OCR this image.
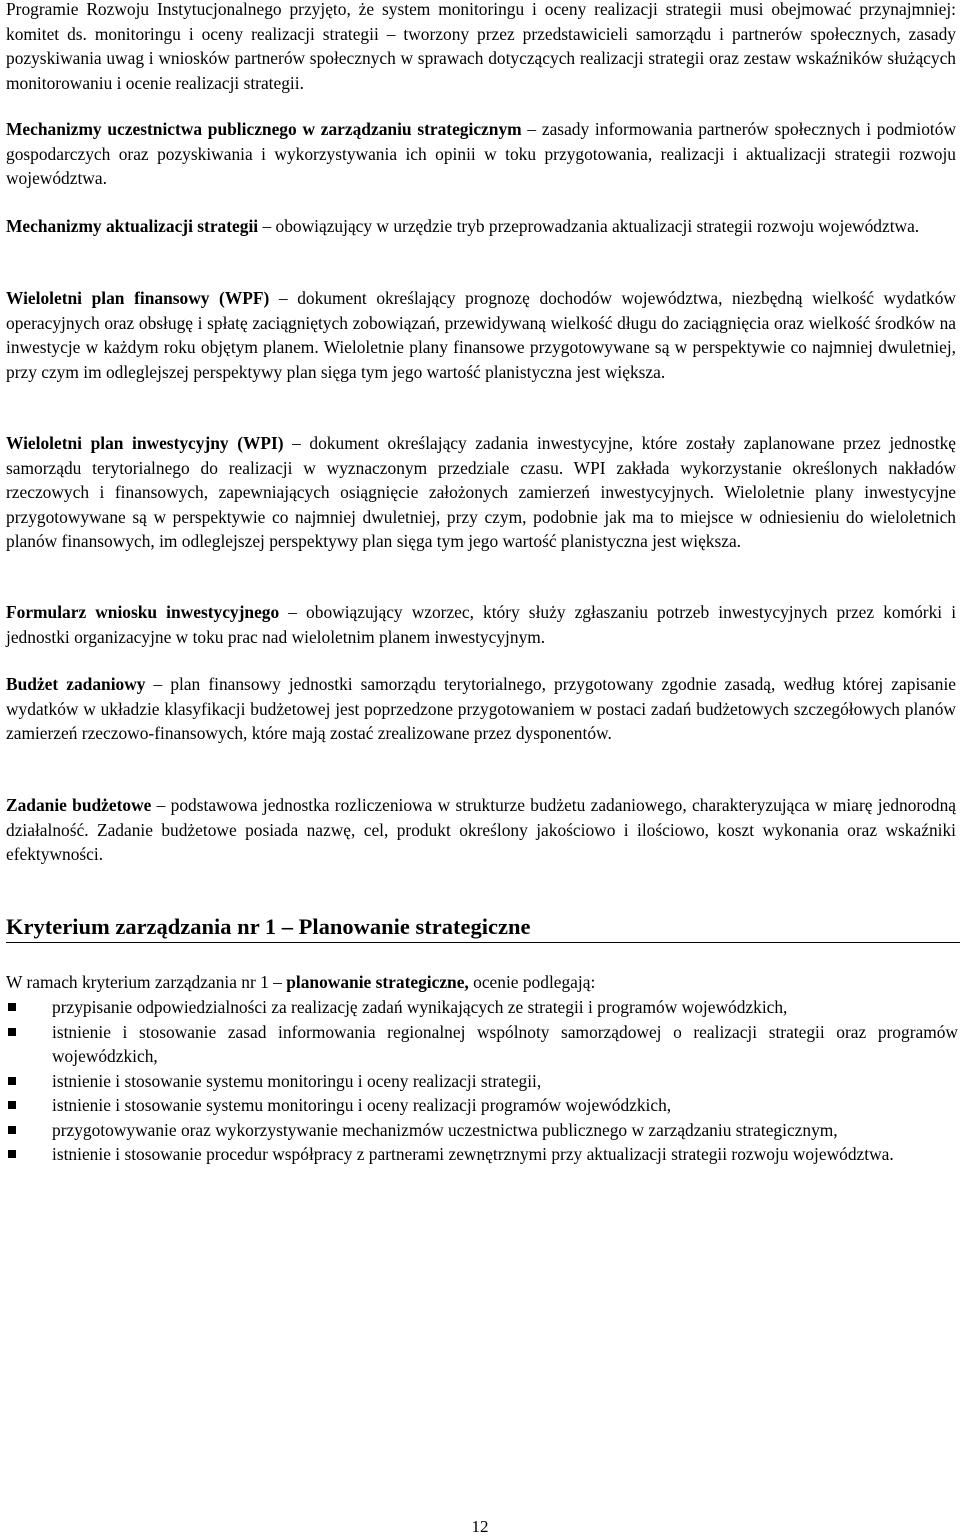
Programie Rozwoju Instytucjonalnego przyjęto, że system monitoringu i oceny realizacji strategii musi obejmować przynajmniej: komitet ds. monitoringu i oceny realizacji strategii – tworzony przez przedstawicieli samorządu i partnerów społecznych, zasady pozyskiwania uwag i wniosków partnerów społecznych w sprawach dotyczących realizacji strategii oraz zestaw wskaźników służących monitorowaniu i ocenie realizacji strategii.

Mechanizmy uczestnictwa publicznego w zarządzaniu strategicznym – zasady informowania partnerów społecznych i podmiotów gospodarczych oraz pozyskiwania i wykorzystywania ich opinii w toku przygotowania, realizacji i aktualizacji strategii rozwoju województwa.

Mechanizmy aktualizacji strategii – obowiązujący w urzędzie tryb przeprowadzania aktualizacji strategii rozwoju województwa.

Wieloletni plan finansowy (WPF) – dokument określający prognozę dochodów województwa, niezbędną wielkość wydatków operacyjnych oraz obsługę i spłatę zaciągniętych zobowiązań, przewidywaną wielkość długu do zaciągnięcia oraz wielkość środków na inwestycje w każdym roku objętym planem. Wieloletnie plany finansowe przygotowywane są w perspektywie co najmniej dwuletniej, przy czym im odleglejszej perspektywy plan sięga tym jego wartość planistyczna jest większa.

Wieloletni plan inwestycyjny (WPI) – dokument określający zadania inwestycyjne, które zostały zaplanowane przez jednostkę samorządu terytorialnego do realizacji w wyznaczonym przedziale czasu. WPI zakłada wykorzystanie określonych nakładów rzeczowych i finansowych, zapewniających osiągnięcie założonych zamierzeń inwestycyjnych. Wieloletnie plany inwestycyjne przygotowywane są w perspektywie co najmniej dwuletniej, przy czym, podobnie jak ma to miejsce w odniesieniu do wieloletnich planów finansowych, im odleglejszej perspektywy plan sięga tym jego wartość planistyczna jest większa.

Formularz wniosku inwestycyjnego – obowiązujący wzorzec, który służy zgłaszaniu potrzeb inwestycyjnych przez komórki i jednostki organizacyjne w toku prac nad wieloletnim planem inwestycyjnym.

Budżet zadaniowy – plan finansowy jednostki samorządu terytorialnego, przygotowany zgodnie zasadą, według której zapisanie wydatków w układzie klasyfikacji budżetowej jest poprzedzone przygotowaniem w postaci zadań budżetowych szczegółowych planów zamierzeń rzeczowo-finansowych, które mają zostać zrealizowane przez dysponentów.

Zadanie budżetowe – podstawowa jednostka rozliczeniowa w strukturze budżetu zadaniowego, charakteryzująca w miarę jednorodną działalność. Zadanie budżetowe posiada nazwę, cel, produkt określony jakościowo i ilościowo, koszt wykonania oraz wskaźniki efektywności.

Kryterium zarządzania nr 1 – Planowanie strategiczne

W ramach kryterium zarządzania nr 1 – planowanie strategiczne, ocenie podlegają:

przypisanie odpowiedzialności za realizację zadań wynikających ze strategii i programów wojewódzkich,
istnienie i stosowanie zasad informowania regionalnej wspólnoty samorządowej o realizacji strategii oraz programów wojewódzkich,
istnienie i stosowanie systemu monitoringu i oceny realizacji strategii,
istnienie i stosowanie systemu monitoringu i oceny realizacji programów wojewódzkich,
przygotowywanie oraz wykorzystywanie mechanizmów uczestnictwa publicznego w zarządzaniu strategicznym,
istnienie i stosowanie procedur współpracy z partnerami zewnętrznymi przy aktualizacji strategii rozwoju województwa.
12
